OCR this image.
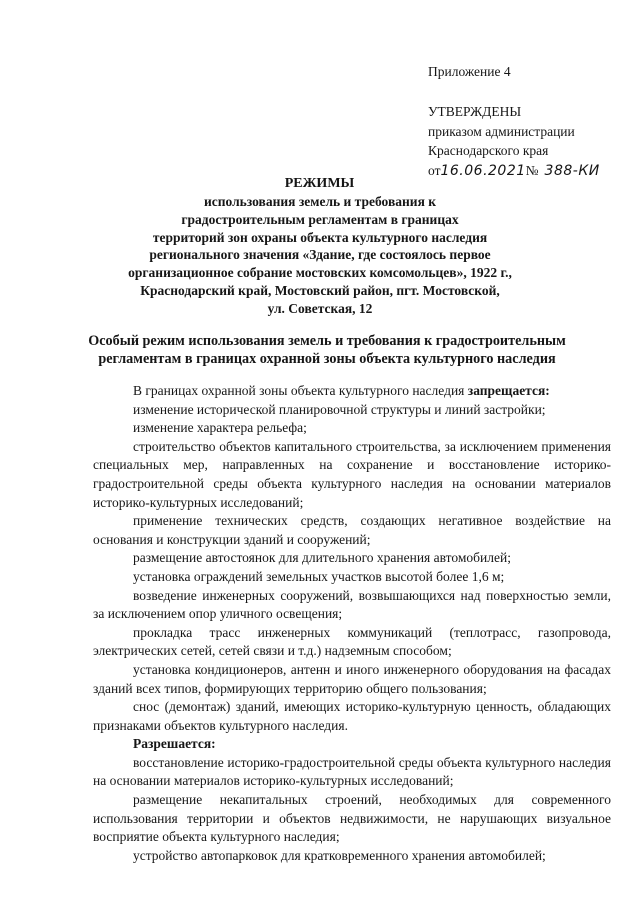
Приложение 4
УТВЕРЖДЕНЫ
приказом администрации
Краснодарского края
от16.06.2021№ 388-КИ
РЕЖИМЫ
использования земель и требования к
градостроительным регламентам в границах
территорий зон охраны объекта культурного наследия
регионального значения «Здание, где состоялось первое
организационное собрание мостовских комсомольцев», 1922 г.,
Краснодарский край, Мостовский район, пгт. Мостовской,
ул. Советская, 12
Особый режим использования земель и требования к градостроительным
регламентам в границах охранной зоны объекта культурного наследия

В границах охранной зоны объекта культурного наследия запрещается:

изменение исторической планировочной структуры и линий застройки;

изменение характера рельефа;

строительство объектов капитального строительства, за исключением применения специальных мер, направленных на сохранение и восстановление историко-градостроительной среды объекта культурного наследия на основании материалов историко-культурных исследований;

применение технических средств, создающих негативное воздействие на основания и конструкции зданий и сооружений;

размещение автостоянок для длительного хранения автомобилей;

установка ограждений земельных участков высотой более 1,6 м;

возведение инженерных сооружений, возвышающихся над поверхностью земли, за исключением опор уличного освещения;

прокладка трасс инженерных коммуникаций (теплотрасс, газопровода, электрических сетей, сетей связи и т.д.) надземным способом;

установка кондиционеров, антенн и иного инженерного оборудования на фасадах зданий всех типов, формирующих территорию общего пользования;

снос (демонтаж) зданий, имеющих историко-культурную ценность, обладающих признаками объектов культурного наследия.

Разрешается:

восстановление историко-градостроительной среды объекта культурного наследия на основании материалов историко-культурных исследований;

размещение некапитальных строений, необходимых для современного использования территории и объектов недвижимости, не нарушающих визуальное восприятие объекта культурного наследия;

устройство автопарковок для кратковременного хранения автомобилей;
